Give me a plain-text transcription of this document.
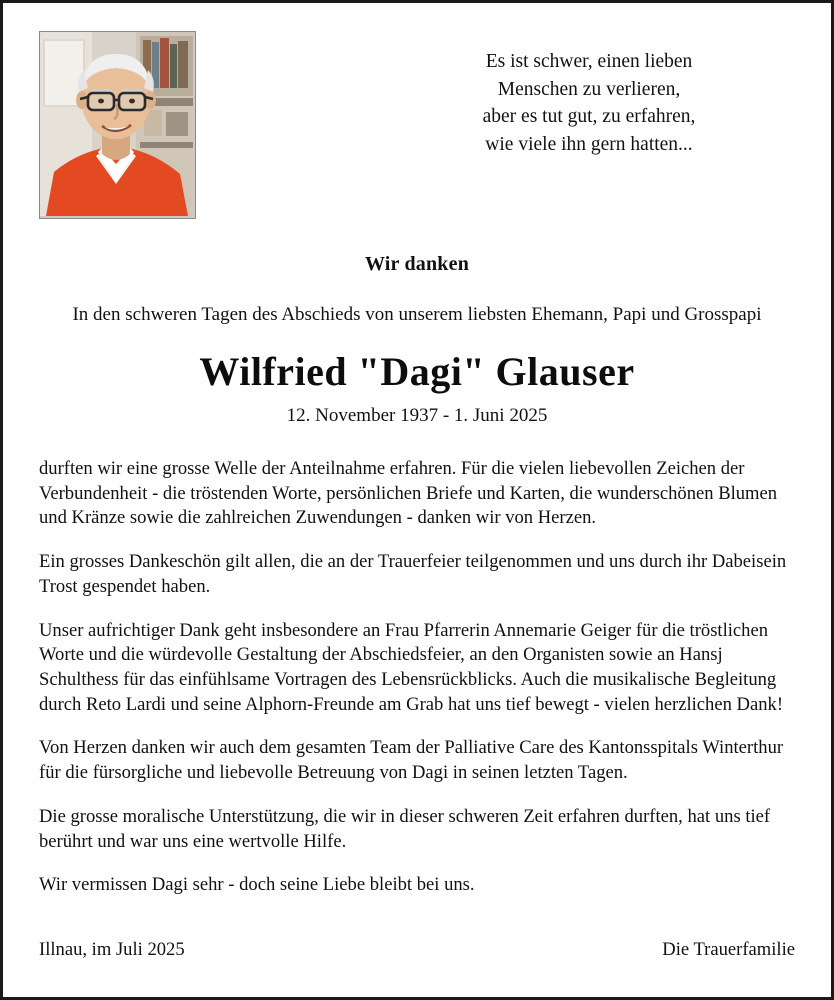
Es ist schwer, einen lieben
Menschen zu verlieren,
aber es tut gut, zu erfahren,
wie viele ihn gern hatten...
Wir danken
In den schweren Tagen des Abschieds von unserem liebsten Ehemann, Papi und Grosspapi
Wilfried "Dagi" Glauser
12. November 1937 - 1. Juni 2025

durften wir eine grosse Welle der Anteilnahme erfahren. Für die vielen liebevollen Zeichen der Verbundenheit - die tröstenden Worte, persönlichen Briefe und Karten, die wunderschönen Blumen und Kränze sowie die zahlreichen Zuwendungen - danken wir von Herzen.

Ein grosses Dankeschön gilt allen, die an der Trauerfeier teilgenommen und uns durch ihr Dabeisein Trost gespendet haben.

Unser aufrichtiger Dank geht insbesondere an Frau Pfarrerin Annemarie Geiger für die tröstlichen Worte und die würdevolle Gestaltung der Abschiedsfeier, an den Organisten sowie an Hansj Schulthess für das einfühlsame Vortragen des Lebensrückblicks. Auch die musikalische Begleitung durch Reto Lardi und seine Alphorn-Freunde am Grab hat uns tief bewegt - vielen herzlichen Dank!

Von Herzen danken wir auch dem gesamten Team der Palliative Care des Kantonsspitals Winterthur für die fürsorgliche und liebevolle Betreuung von Dagi in seinen letzten Tagen.

Die grosse moralische Unterstützung, die wir in dieser schweren Zeit erfahren durften, hat uns tief berührt und war uns eine wertvolle Hilfe.

Wir vermissen Dagi sehr - doch seine Liebe bleibt bei uns.

Illnau, im Juli 2025	Die Trauerfamilie
